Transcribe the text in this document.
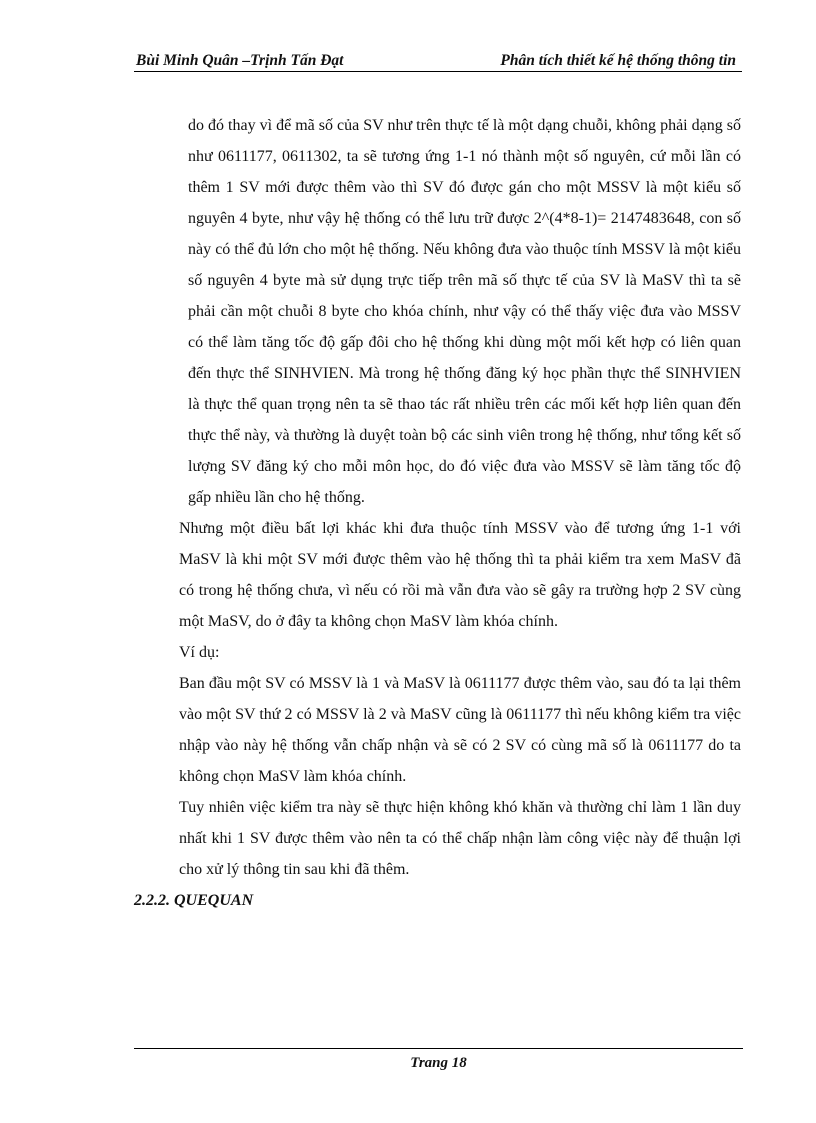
Bùi Minh Quân –Trịnh Tấn Đạt	Phân tích thiết kế hệ thống thông tin

do đó thay vì để mã số của SV như trên thực tế là một dạng chuỗi, không phải dạng số như 0611177, 0611302, ta sẽ tương ứng 1-1 nó thành một số nguyên, cứ mỗi lần có thêm 1 SV mới được thêm vào thì SV đó được gán cho một MSSV là một kiểu số nguyên 4 byte, như vậy hệ thống có thể lưu trữ được 2^(4*8-1)= 2147483648, con số này có thể đủ lớn cho một hệ thống. Nếu không đưa vào thuộc tính MSSV là một kiểu số nguyên 4 byte mà sử dụng trực tiếp trên mã số thực tế của SV là MaSV thì ta sẽ phải cần một chuỗi 8 byte cho khóa chính, như vậy có thể thấy việc đưa vào MSSV có thể làm tăng tốc độ gấp đôi cho hệ thống khi dùng một mối kết hợp có liên quan đến thực thể SINHVIEN. Mà trong hệ thống đăng ký học phần thực thể SINHVIEN là thực thể quan trọng nên ta sẽ thao tác rất nhiều trên các mối kết hợp liên quan đến thực thể này, và thường là duyệt toàn bộ các sinh viên trong hệ thống, như tổng kết số lượng SV đăng ký cho mỗi môn học, do đó việc đưa vào MSSV sẽ làm tăng tốc độ gấp nhiều lần cho hệ thống.

Nhưng một điều bất lợi khác khi đưa thuộc tính MSSV vào để tương ứng 1-1 với MaSV là khi một SV mới được thêm vào hệ thống thì ta phải kiểm tra xem MaSV đã có trong hệ thống chưa, vì nếu có rồi mà vẫn đưa vào sẽ gây ra trường hợp 2 SV cùng một MaSV, do ở đây ta không chọn MaSV làm khóa chính.

Ví dụ:

Ban đầu một SV có MSSV là 1 và MaSV là 0611177 được thêm vào, sau đó ta lại thêm vào một SV thứ 2 có MSSV là 2 và MaSV cũng là 0611177 thì nếu không kiểm tra việc nhập vào này hệ thống vẫn chấp nhận và sẽ có 2 SV có cùng mã số là 0611177 do ta không chọn MaSV làm khóa chính.

Tuy nhiên việc kiểm tra này sẽ thực hiện không khó khăn và thường chỉ làm 1 lần duy nhất khi 1 SV được thêm vào nên ta có thể chấp nhận làm công việc này để thuận lợi cho xử lý thông tin sau khi đã thêm.

2.2.2. QUEQUAN

Trang 18
